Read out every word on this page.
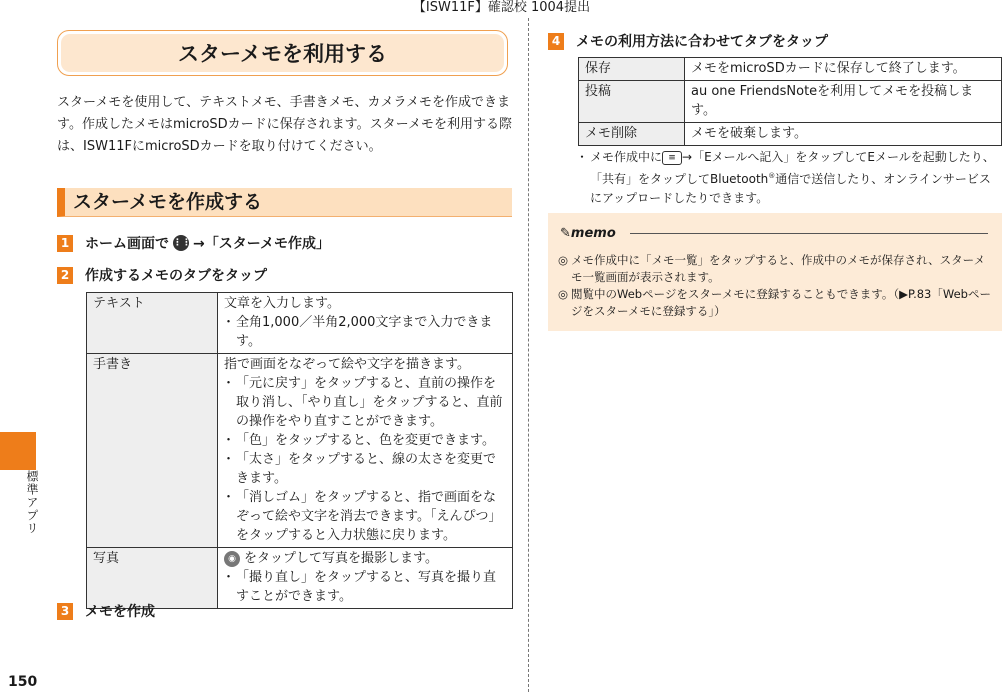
【ISW11F】確認校 1004提出
標準アプリ
150
スターメモを利用する
スターメモを使用して、テキストメモ、手書きメモ、カメラメモを作成できます。作成したメモはmicroSDカードに保存されます。スターメモを利用する際は、ISW11FにmicroSDカードを取り付けてください。
スターメモを作成する
1 ホーム画面で ⋮⋮ →「スターメモ作成」
2 作成するメモのタブをタップ
テキスト	文章を入力します。
・ 全角1,000／半角2,000文字まで入力できます。

手書き	指で画面をなぞって絵や文字を描きます。
・ 「元に戻す」をタップすると、直前の操作を取り消し、「やり直し」をタップすると、直前の操作をやり直すことができます。
・ 「色」をタップすると、色を変更できます。
・ 「太さ」をタップすると、線の太さを変更できます。
・ 「消しゴム」をタップすると、指で画面をなぞって絵や文字を消去できます。「えんぴつ」をタップすると入力状態に戻ります。

写真	◉ をタップして写真を撮影します。
・ 「撮り直し」をタップすると、写真を撮り直すことができます。
3 メモを作成
4 メモの利用方法に合わせてタブをタップ
保存	メモをmicroSDカードに保存して終了します。
投稿	au one FriendsNoteを利用してメモを投稿します。
メモ削除	メモを破棄します。
・ メモ作成中に ≡ →「Eメールへ記入」をタップしてEメールを起動したり、「共有」をタップしてBluetooth®通信で送信したり、オンラインサービスにアップロードしたりできます。
✎memo
◎ メモ作成中に「メモ一覧」をタップすると、作成中のメモが保存され、スターメモ一覧画面が表示されます。
◎ 閲覧中のWebページをスターメモに登録することもできます。（▶P.83「Webページをスターメモに登録する」）
